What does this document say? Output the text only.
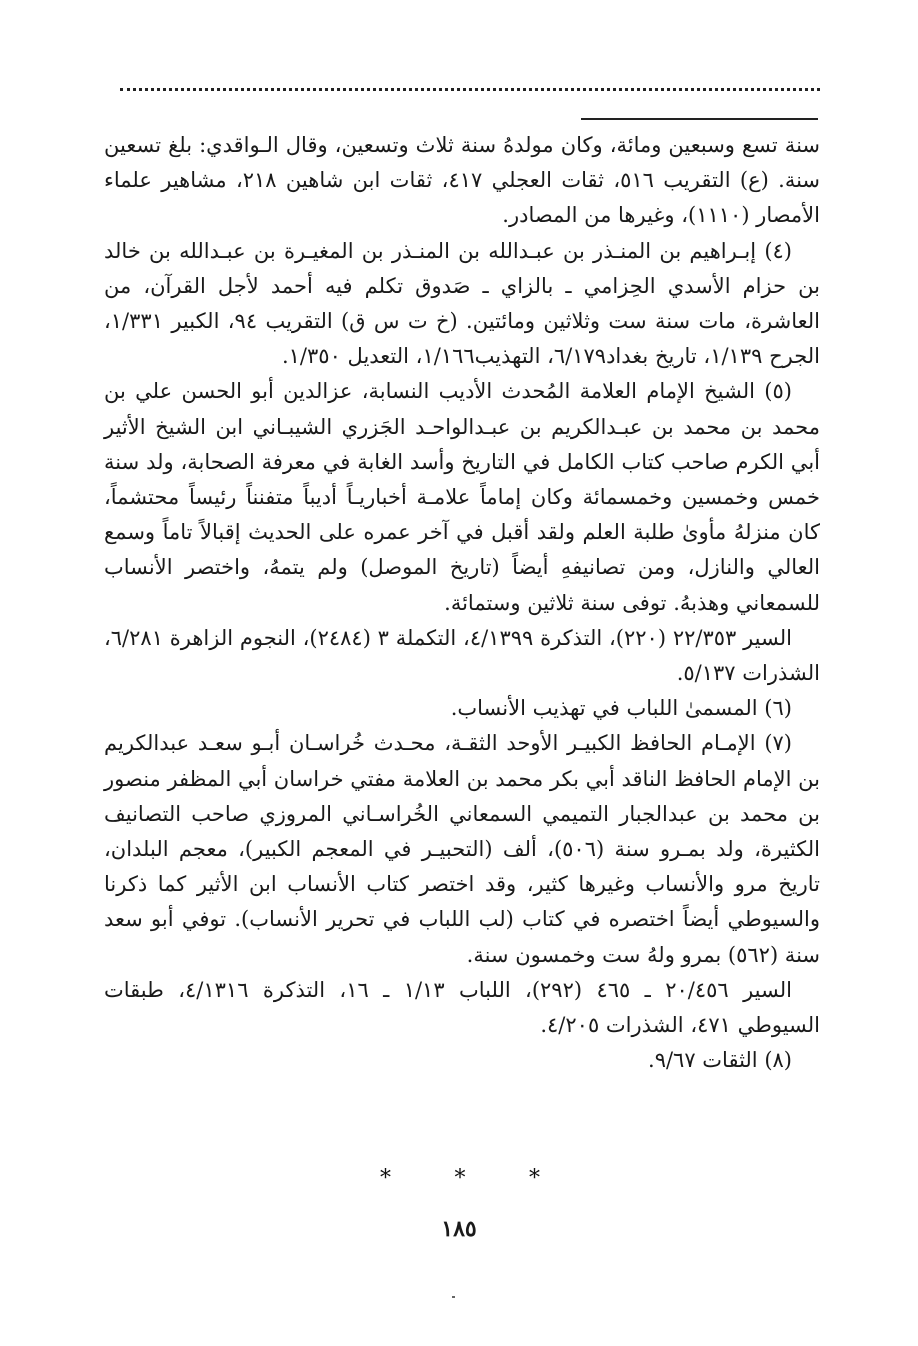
سنة تسع وسبعين ومائة، وكان مولدهُ سنة ثلاث وتسعين، وقال الـواقدي: بلغ تسعين سنة. (ع) التقريب ٥١٦، ثقات العجلي ٤١٧، ثقات ابن شاهين ٢١٨، مشاهير علماء الأمصار (١١١٠)، وغيرها من المصادر.

(٤) إبـراهيم بن المنـذر بن عبـدالله بن المنـذر بن المغيـرة بن عبـدالله بن خالد بن حزام الأسدي الحِزامي ـ بالزاي ـ صَدوق تكلم فيه أحمد لأجل القرآن، من العاشرة، مات سنة ست وثلاثين ومائتين. (خ ت س ق) التقريب ٩٤، الكبير ١/٣٣١، الجرح ١/١٣٩، تاريخ بغداد٦/١٧٩، التهذيب١/١٦٦، التعديل ١/٣٥٠.

(٥) الشيخ الإمام العلامة المُحدث الأديب النسابة، عزالدين أبو الحسن علي بن محمد بن محمد بن عبـدالكريم بن عبـدالواحـد الجَزري الشيبـاني ابن الشيخ الأثير أبي الكرم صاحب كتاب الكامل في التاريخ وأسد الغابة في معرفة الصحابة، ولد سنة خمس وخمسين وخمسمائة وكان إماماً علامـة أخباريـاً أديباً متفنناً رئيساً محتشماً، كان منزلهُ مأوىٰ طلبة العلم ولقد أقبل في آخر عمره على الحديث إقبالاً تاماً وسمع العالي والنازل، ومن تصانيفهِ أيضاً (تاريخ الموصل) ولم يتمهُ، واختصر الأنساب للسمعاني وهذبهُ. توفى سنة ثلاثين وستمائة.

السير ٢٢/٣٥٣ (٢٢٠)، التذكرة ٤/١٣٩٩، التكملة ٣ (٢٤٨٤)، النجوم الزاهرة ٦/٢٨١، الشذرات ٥/١٣٧.

(٦) المسمىٰ اللباب في تهذيب الأنساب.

(٧) الإمـام الحافظ الكبيـر الأوحد الثقـة، محـدث خُراسـان أبـو سعـد عبدالكريم بن الإمام الحافظ الناقد أبي بكر محمد بن العلامة مفتي خراسان أبي المظفر منصور بن محمد بن عبدالجبار التميمي السمعاني الخُراسـاني المروزي صاحب التصانيف الكثيرة، ولد بمـرو سنة (٥٠٦)، ألف (التحبيـر في المعجم الكبير)، معجم البلدان، تاريخ مرو والأنساب وغيرها كثير، وقد اختصر كتاب الأنساب ابن الأثير كما ذكرنا والسيوطي أيضاً اختصره في كتاب (لب اللباب في تحرير الأنساب). توفي أبو سعد سنة (٥٦٢) بمرو ولهُ ست وخمسون سنة.

السير ٢٠/٤٥٦ ـ ٤٦٥ (٢٩٢)، اللباب ١/١٣ ـ ١٦، التذكرة ٤/١٣١٦، طبقات السيوطي ٤٧١، الشذرات ٤/٢٠٥.

(٨) الثقات ٩/٦٧.

*
*
*
١٨٥
